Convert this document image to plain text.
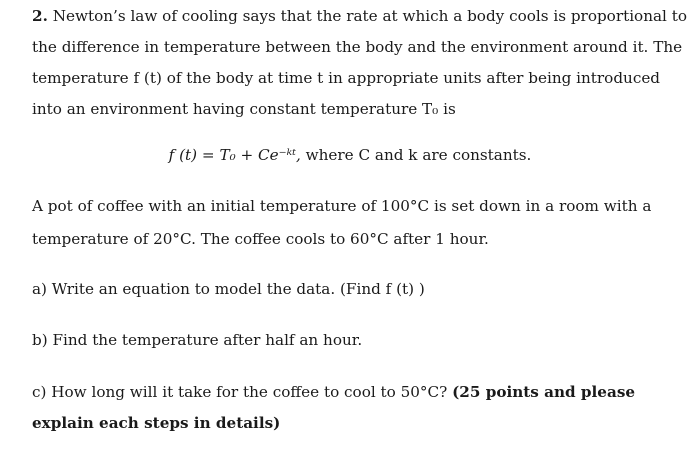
2. Newton’s law of cooling says that the rate at which a body cools is proportional to
the difference in temperature between the body and the environment around it. The
temperature f (t) of the body at time t in appropriate units after being introduced
into an environment having constant temperature T₀ is
f (t) = T₀ + Ce⁻ᵏᵗ, where C and k are constants.
A pot of coffee with an initial temperature of 100°C is set down in a room with a
temperature of 20°C. The coffee cools to 60°C after 1 hour.
a) Write an equation to model the data. (Find f (t) )
b) Find the temperature after half an hour.
c) How long will it take for the coffee to cool to 50°C? (25 points and please
explain each steps in details)
